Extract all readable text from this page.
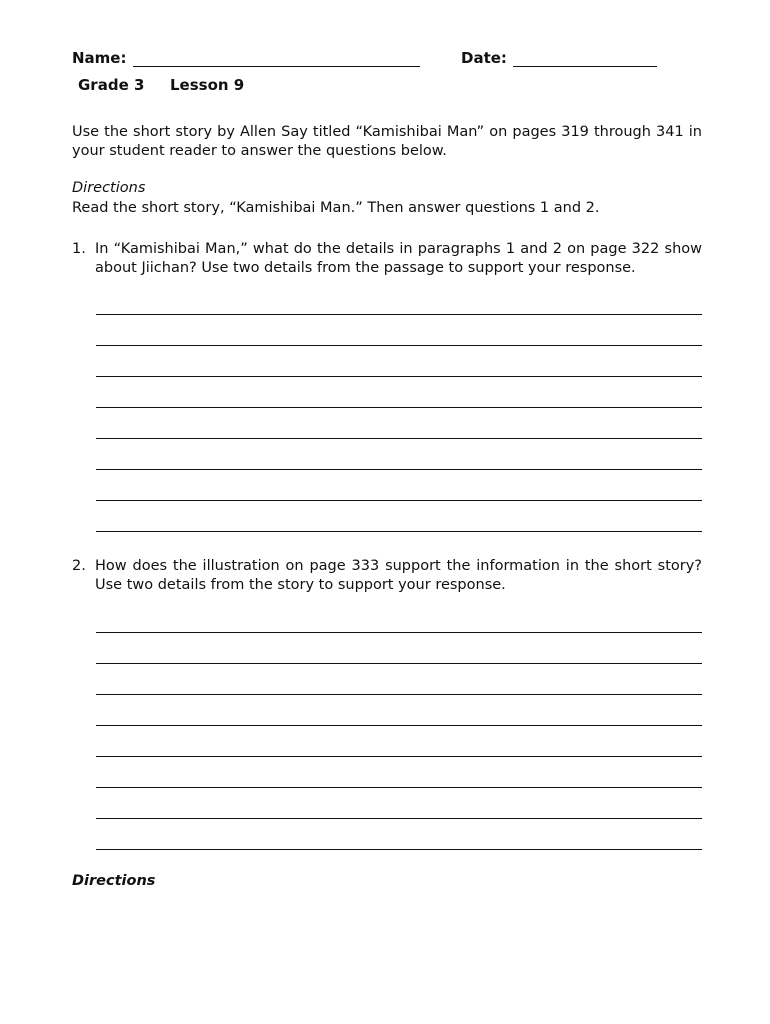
Name:	Date:
Grade 3 Lesson 9
Use the short story by Allen Say titled “Kamishibai Man” on pages 319 through 341 in your student reader to answer the questions below.
Directions
Read the short story, “Kamishibai Man.” Then answer questions 1 and 2.
1. In “Kamishibai Man,” what do the details in paragraphs 1 and 2 on page 322 show about Jiichan? Use two details from the passage to support your response.
2. How does the illustration on page 333 support the information in the short story? Use two details from the story to support your response.
Directions
